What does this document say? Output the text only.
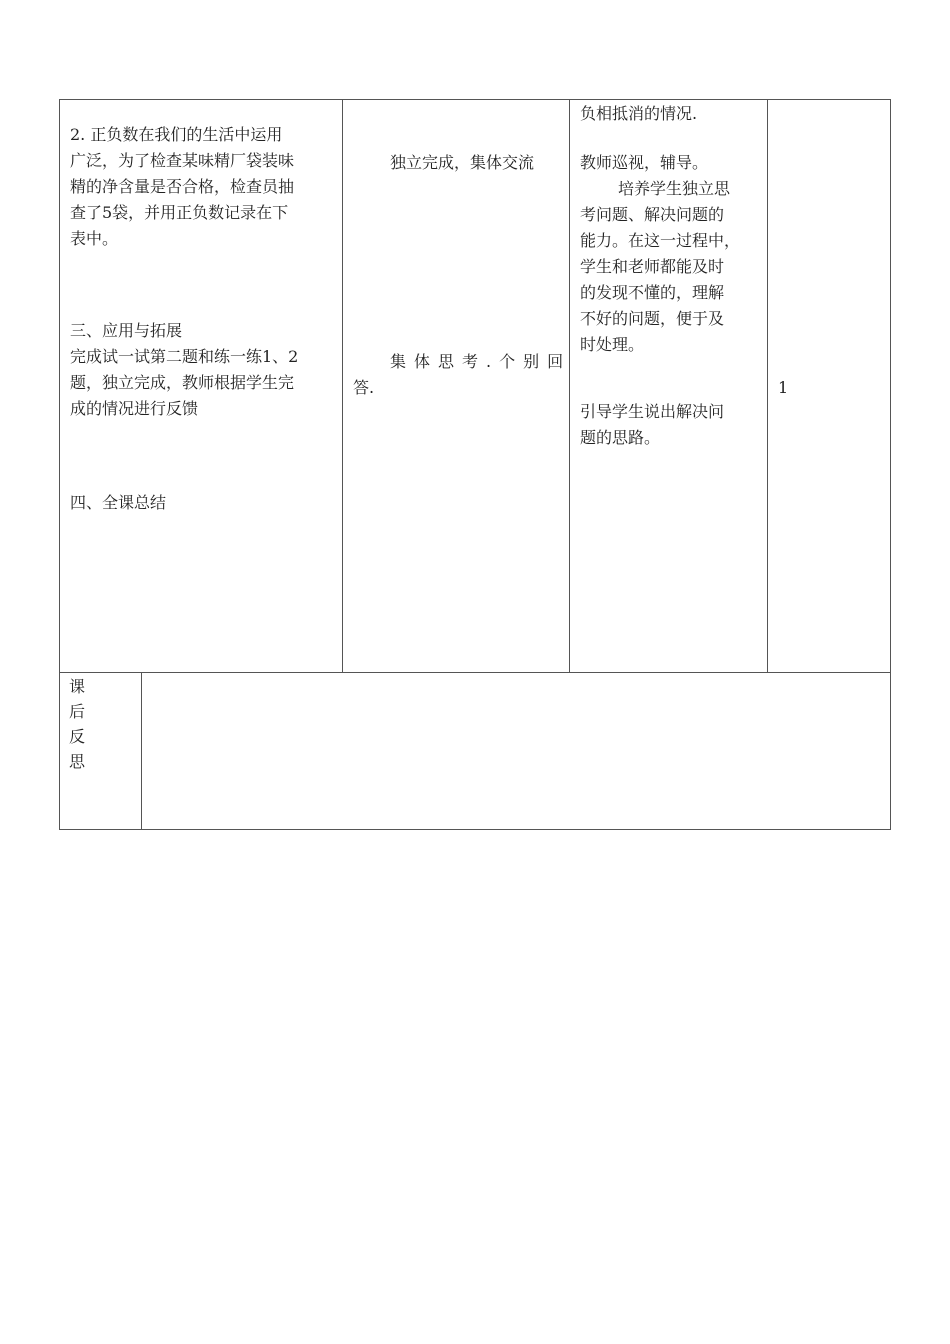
2. 正负数在我们的生活中运用
广泛，为了检查某味精厂袋装味
精的净含量是否合格，检查员抽
查了5袋，并用正负数记录在下
表中。
三、应用与拓展
完成试一试第二题和练一练1、2
题，独立完成，教师根据学生完
成的情况进行反馈
四、全课总结
独立完成，集体交流
集体思考.个别回
答.
负相抵消的情况.
教师巡视，辅导。
培养学生独立思
考问题、解决问题的
能力。在这一过程中，
学生和老师都能及时
的发现不懂的，理解
不好的问题，便于及
时处理。
引导学生说出解决问
题的思路。
1
课
后
反
思
